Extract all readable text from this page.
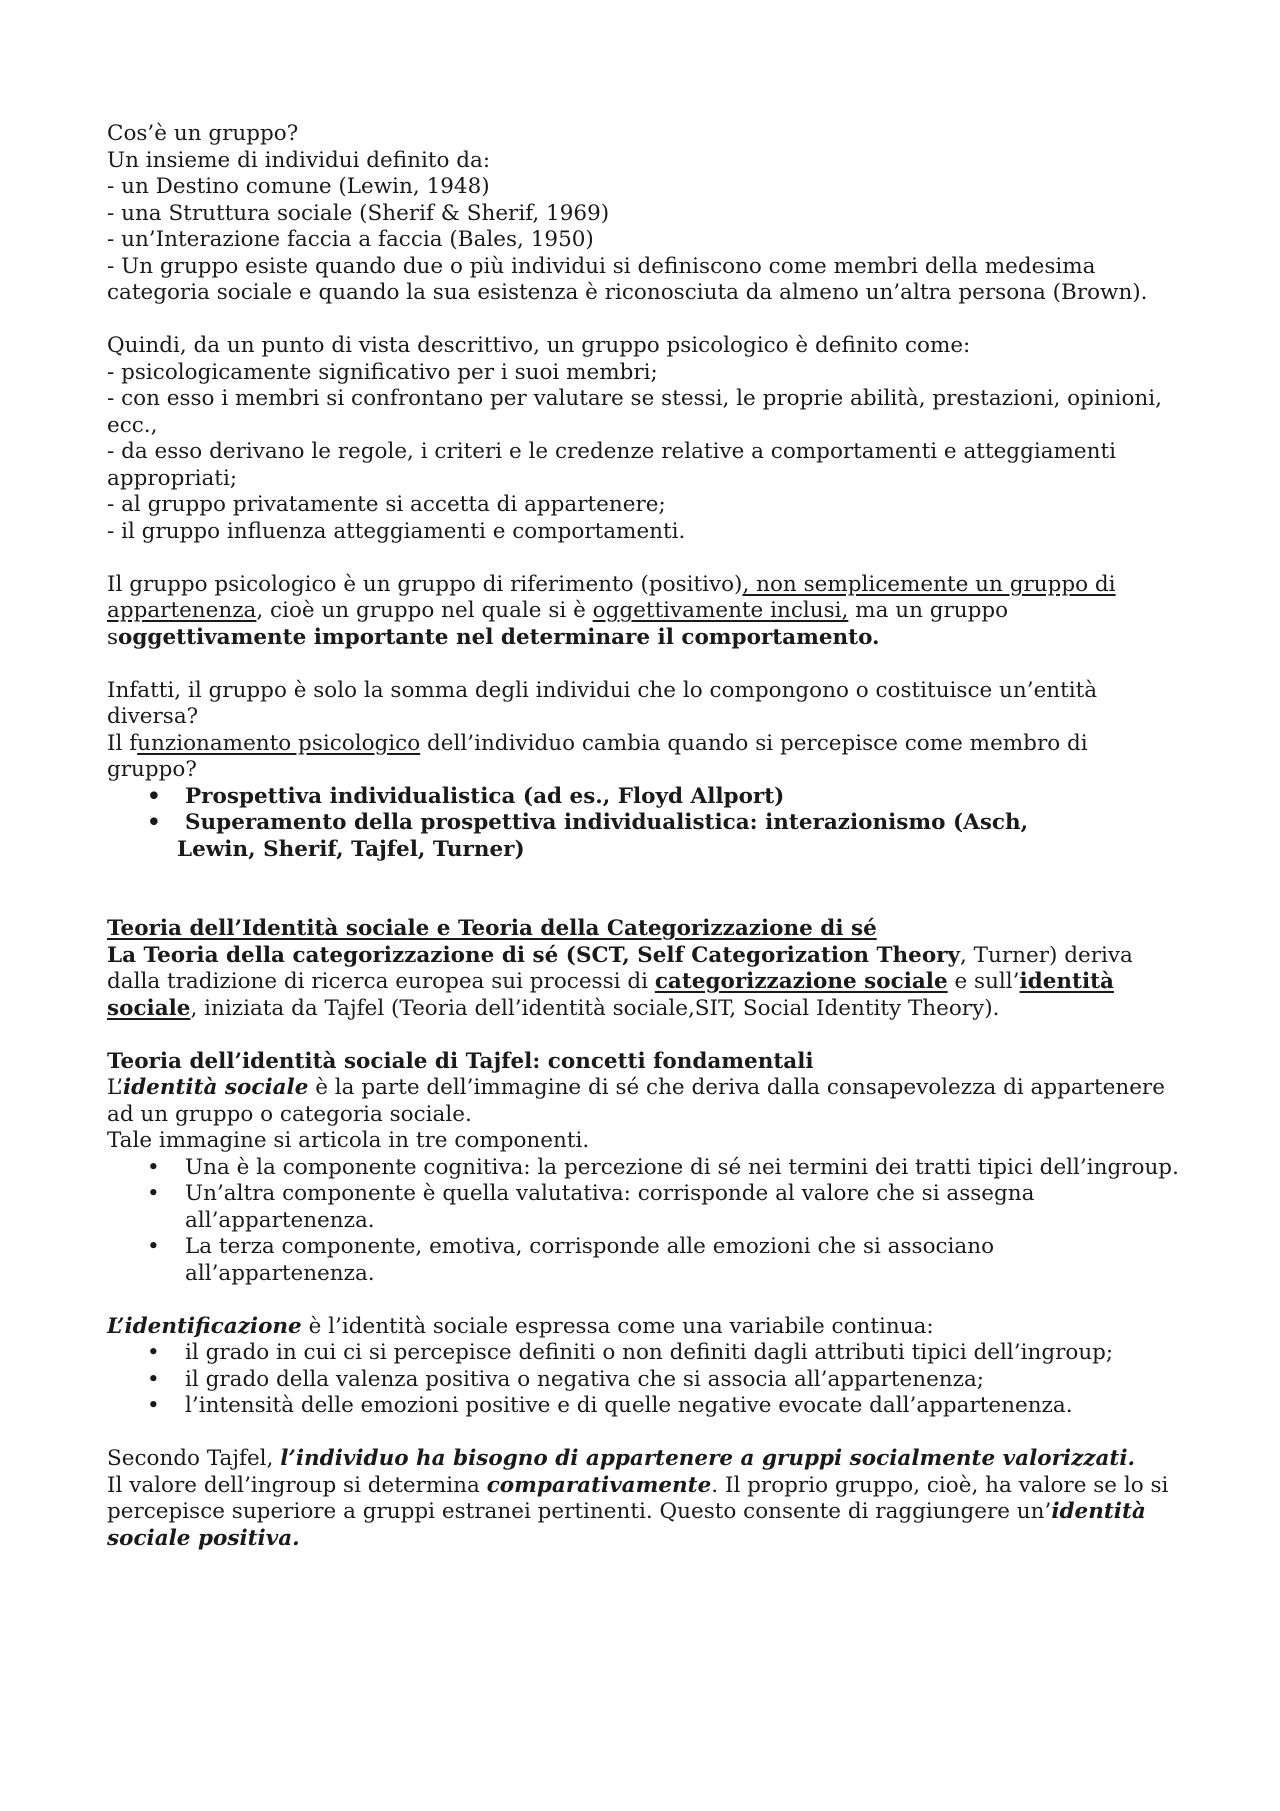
Cos’è un gruppo?

Un insieme di individui definito da:

- un Destino comune (Lewin, 1948)

- una Struttura sociale (Sherif & Sherif, 1969)

- un’Interazione faccia a faccia (Bales, 1950)

- Un gruppo esiste quando due o più individui si definiscono come membri della medesima categoria sociale e quando la sua esistenza è riconosciuta da almeno un’altra persona (Brown).

Quindi, da un punto di vista descrittivo, un gruppo psicologico è definito come:

- psicologicamente significativo per i suoi membri;

- con esso i membri si confrontano per valutare se stessi, le proprie abilità, prestazioni, opinioni, ecc.,

- da esso derivano le regole, i criteri e le credenze relative a comportamenti e atteggiamenti appropriati;

- al gruppo privatamente si accetta di appartenere;

- il gruppo influenza atteggiamenti e comportamenti.

Il gruppo psicologico è un gruppo di riferimento (positivo), non semplicemente un gruppo di appartenenza, cioè un gruppo nel quale si è oggettivamente inclusi, ma un gruppo soggettivamente importante nel determinare il comportamento.

Infatti, il gruppo è solo la somma degli individui che lo compongono o costituisce un’entità diversa?

Il funzionamento psicologico dell’individuo cambia quando si percepisce come membro di gruppo?

• Prospettiva individualistica (ad es., Floyd Allport)
• Superamento della prospettiva individualistica: interazionismo (Asch,
Lewin, Sherif, Tajfel, Turner)

Teoria dell’Identità sociale e Teoria della Categorizzazione di sé

La Teoria della categorizzazione di sé (SCT, Self Categorization Theory, Turner) deriva dalla tradizione di ricerca europea sui processi di categorizzazione sociale e sull’identità sociale, iniziata da Tajfel (Teoria dell’identità sociale,SIT, Social Identity Theory).

Teoria dell’identità sociale di Tajfel: concetti fondamentali

L’identità sociale è la parte dell’immagine di sé che deriva dalla consapevolezza di appartenere ad un gruppo o categoria sociale.

Tale immagine si articola in tre componenti.

• Una è la componente cognitiva: la percezione di sé nei termini dei tratti tipici dell’ingroup.
• Un’altra componente è quella valutativa: corrisponde al valore che si assegna all’appartenenza.
• La terza componente, emotiva, corrisponde alle emozioni che si associano all’appartenenza.

L’identificazione è l’identità sociale espressa come una variabile continua:

• il grado in cui ci si percepisce definiti o non definiti dagli attributi tipici dell’ingroup;
• il grado della valenza positiva o negativa che si associa all’appartenenza;
• l’intensità delle emozioni positive e di quelle negative evocate dall’appartenenza.

Secondo Tajfel, l’individuo ha bisogno di appartenere a gruppi socialmente valorizzati.

Il valore dell’ingroup si determina comparativamente. Il proprio gruppo, cioè, ha valore se lo si percepisce superiore a gruppi estranei pertinenti. Questo consente di raggiungere un’identità sociale positiva.
